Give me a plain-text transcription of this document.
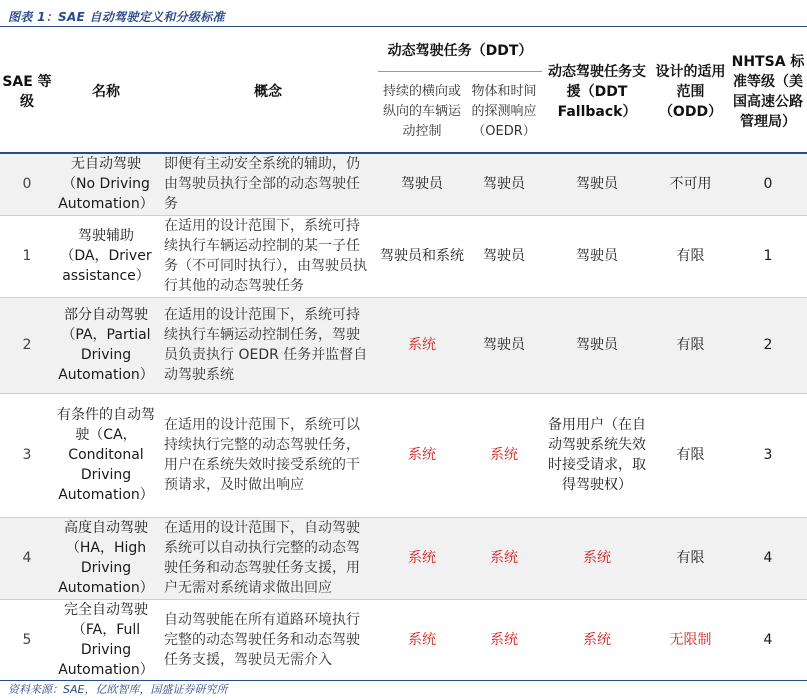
图表 1：SAE 自动驾驶定义和分级标准
SAE 等级	名称	概念	动态驾驶任务（DDT）		动态驾驶任务支援（DDT Fallback）	设计的适用范围（ODD）	NHTSA 标准等级（美国高速公路管理局）
			持续的横向或纵向的车辆运动控制	物体和时间的探测响应（OEDR）			
0	无自动驾驶（No Driving Automation）	即便有主动安全系统的辅助，仍由驾驶员执行全部的动态驾驶任务	驾驶员	驾驶员	驾驶员	不可用	0
1	驾驶辅助（DA，Driver assistance）	在适用的设计范围下，系统可持续执行车辆运动控制的某一子任务（不可同时执行），由驾驶员执行其他的动态驾驶任务	驾驶员和系统	驾驶员	驾驶员	有限	1
2	部分自动驾驶（PA，Partial Driving Automation）	在适用的设计范围下，系统可持续执行车辆运动控制任务，驾驶员负责执行 OEDR 任务并监督自动驾驶系统	系统	驾驶员	驾驶员	有限	2
3	有条件的自动驾驶（CA，Conditonal Driving Automation）	在适用的设计范围下，系统可以持续执行完整的动态驾驶任务，用户在系统失效时接受系统的干预请求，及时做出响应	系统	系统	备用用户（在自动驾驶系统失效时接受请求，取得驾驶权）	有限	3
4	高度自动驾驶（HA，High Driving Automation）	在适用的设计范围下，自动驾驶系统可以自动执行完整的动态驾驶任务和动态驾驶任务支援，用户无需对系统请求做出回应	系统	系统	系统	有限	4
5	完全自动驾驶（FA，Full Driving Automation）	自动驾驶能在所有道路环境执行完整的动态驾驶任务和动态驾驶任务支援，驾驶员无需介入	系统	系统	系统	无限制	4
资料来源：SAE，亿欧智库，国盛证券研究所
